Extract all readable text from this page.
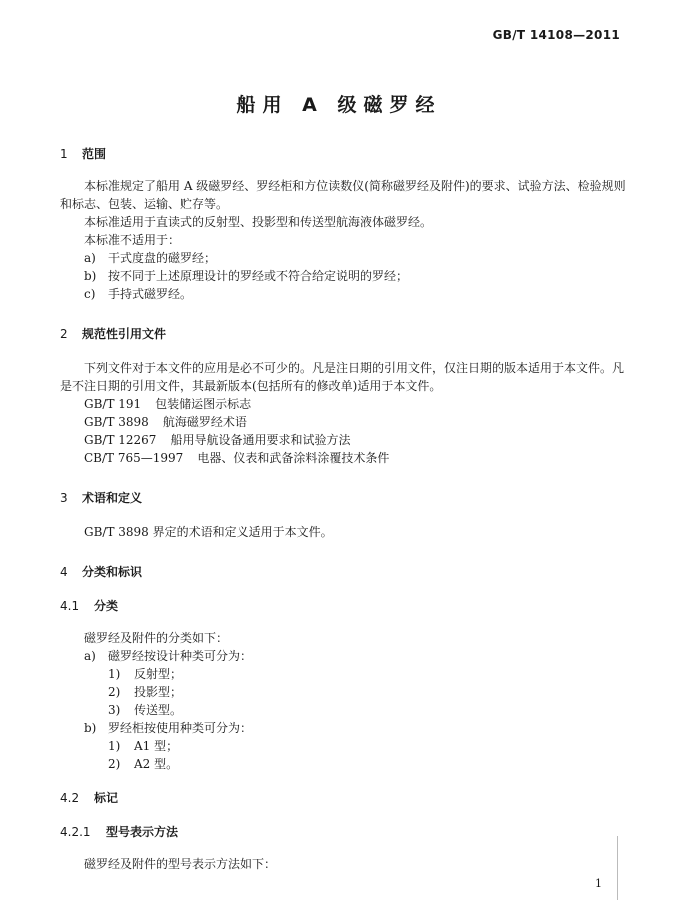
GB/T 14108—2011
船用 A 级磁罗经
1 范围

本标准规定了船用 A 级磁罗经、罗经柜和方位读数仪(简称磁罗经及附件)的要求、试验方法、检验规则和标志、包装、运输、贮存等。

本标准适用于直读式的反射型、投影型和传送型航海液体磁罗经。

本标准不适用于：

a) 干式度盘的磁罗经；

b) 按不同于上述原理设计的罗经或不符合给定说明的罗经；

c) 手持式磁罗经。

2 规范性引用文件

下列文件对于本文件的应用是必不可少的。凡是注日期的引用文件，仅注日期的版本适用于本文件。凡是不注日期的引用文件，其最新版本(包括所有的修改单)适用于本文件。

GB/T 191 包装储运图示标志

GB/T 3898 航海磁罗经术语

GB/T 12267 船用导航设备通用要求和试验方法

CB/T 765—1997 电器、仪表和武备涂料涂覆技术条件

3 术语和定义

GB/T 3898 界定的术语和定义适用于本文件。

4 分类和标识
4.1 分类

磁罗经及附件的分类如下：

a) 磁罗经按设计种类可分为：

1) 反射型；

2) 投影型；

3) 传送型。

b) 罗经柜按使用种类可分为：

1) A1 型；

2) A2 型。

4.2 标记
4.2.1 型号表示方法

磁罗经及附件的型号表示方法如下：

1
